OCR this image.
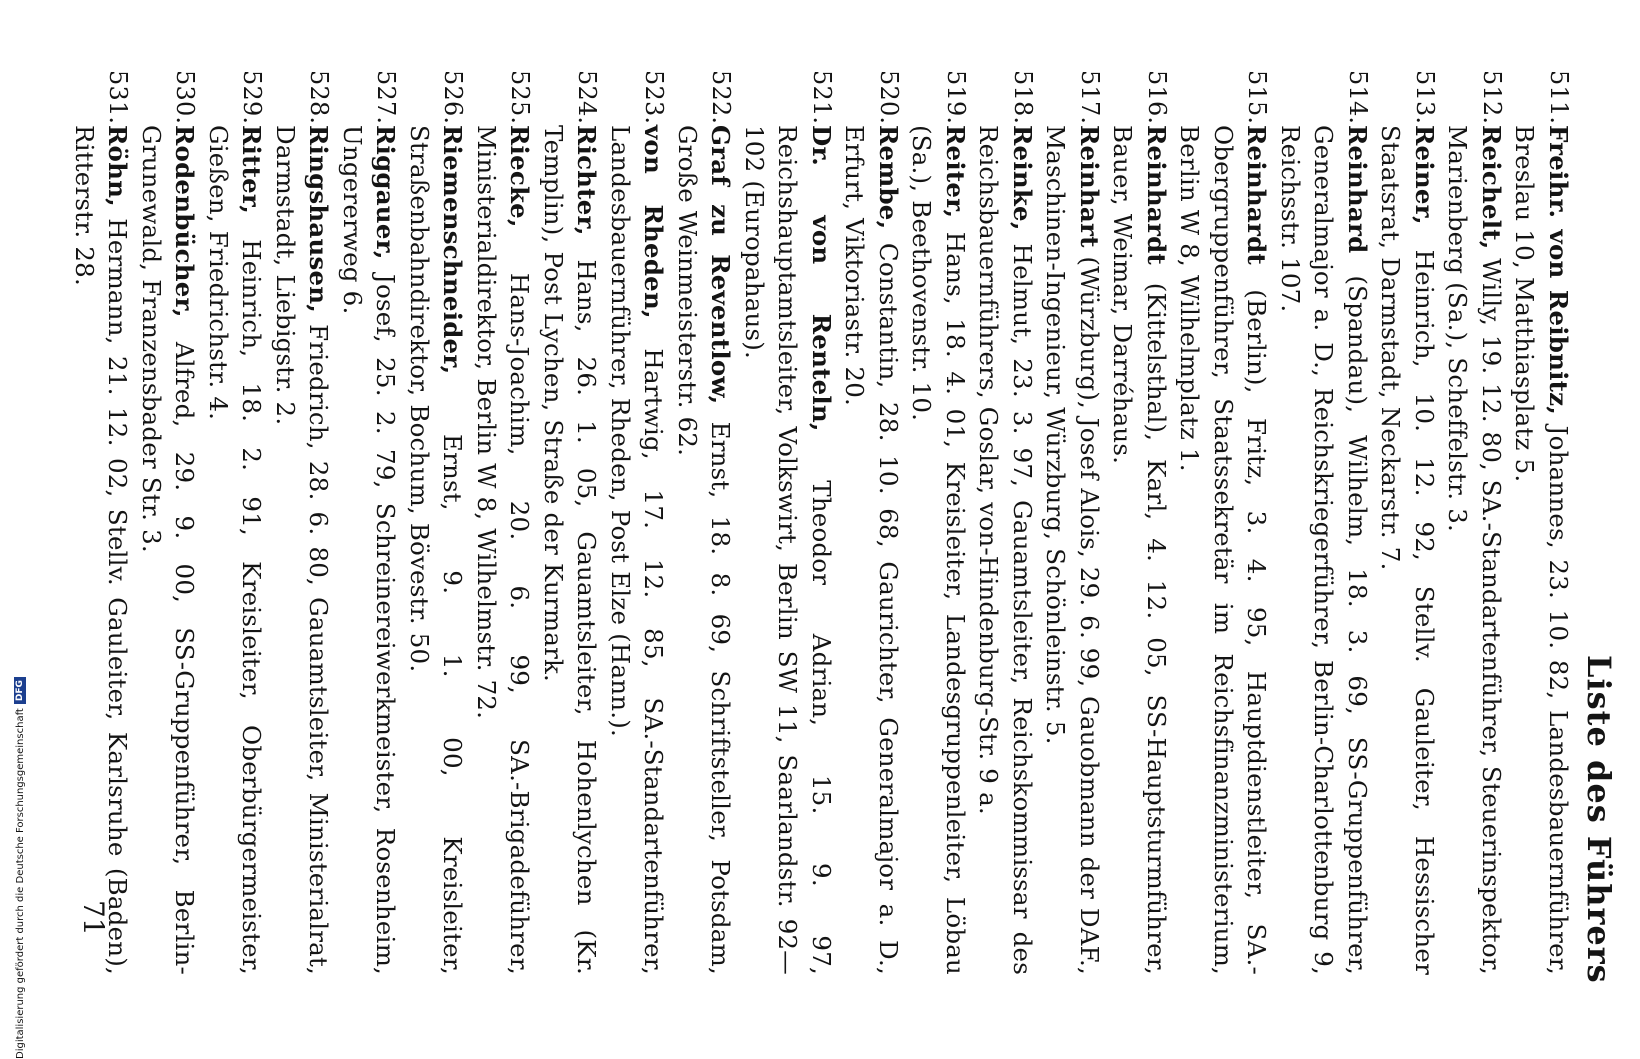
Liste des Führers
511.
Freihr. von Reibnitz, Johannes, 23. 10. 82, Landesbauernführer, Breslau 10, Matthiasplatz 5.
512.
Reichelt, Willy, 19. 12. 80, SA.-Standartenführer, Steuerinspektor, Marienberg (Sa.), Scheffelstr. 3.
513.
Reiner, Heinrich, 10. 12. 92, Stellv. Gauleiter, Hessischer Staatsrat, Darmstadt, Neckarstr. 7.
514.
Reinhard (Spandau), Wilhelm, 18. 3. 69, SS-Gruppenführer, Generalmajor a. D., Reichskriegerführer, Berlin-Charlottenburg 9, Reichsstr. 107.
515.
Reinhardt (Berlin), Fritz, 3. 4. 95, Hauptdienstleiter, SA.-Obergruppenführer, Staatssekretär im Reichsfinanzministerium, Berlin W 8, Wilhelmplatz 1.
516.
Reinhardt (Kittelsthal), Karl, 4. 12. 05, SS-Hauptsturmführer, Bauer, Weimar, Darréhaus.
517.
Reinhart (Würzburg), Josef Alois, 29. 6. 99, Gauobmann der DAF., Maschinen-Ingenieur, Würzburg, Schönleinstr. 5.
518.
Reinke, Helmut, 23. 3. 97, Gauamtsleiter, Reichskommissar des Reichsbauernführers, Goslar, von-Hindenburg-Str. 9 a.
519.
Reiter, Hans, 18. 4. 01, Kreisleiter, Landesgruppenleiter, Löbau (Sa.), Beethovenstr. 10.
520.
Rembe, Constantin, 28. 10. 68, Gaurichter, Generalmajor a. D., Erfurt, Viktoriastr. 20.
521.
Dr. von Renteln, Theodor Adrian, 15. 9. 97, Reichshauptamtsleiter, Volkswirt, Berlin SW 11, Saarlandstr. 92—102 (Europahaus).
522.
Graf zu Reventlow, Ernst, 18. 8. 69, Schriftsteller, Potsdam, Große Weinmeisterstr. 62.
523.
von Rheden, Hartwig, 17. 12. 85, SA.-Standartenführer, Landesbauernführer, Rheden, Post Elze (Hann.).
524.
Richter, Hans, 26. 1. 05, Gauamtsleiter, Hohenlychen (Kr. Templin), Post Lychen, Straße der Kurmark.
525.
Riecke, Hans-Joachim, 20. 6. 99, SA.-Brigadeführer, Ministerialdirektor, Berlin W 8, Wilhelmstr. 72.
526.
Riemenschneider, Ernst, 9. 1. 00, Kreisleiter, Straßenbahndirektor, Bochum, Bövestr. 50.
527.
Riggauer, Josef, 25. 2. 79, Schreinereiwerkmeister, Rosenheim, Ungererweg 6.
528.
Ringshausen, Friedrich, 28. 6. 80, Gauamtsleiter, Ministerialrat, Darmstadt, Liebigstr. 2.
529.
Ritter, Heinrich, 18. 2. 91, Kreisleiter, Oberbürgermeister, Gießen, Friedrichstr. 4.
530.
Rodenbücher, Alfred, 29. 9. 00, SS-Gruppenführer, Berlin-Grunewald, Franzensbader Str. 3.
531.
Röhn, Hermann, 21. 12. 02, Stellv. Gauleiter, Karlsruhe (Baden), Ritterstr. 28.
71
Digitalisierung gefördert durch die Deutsche Forschungsgemeinschaft
DFG
